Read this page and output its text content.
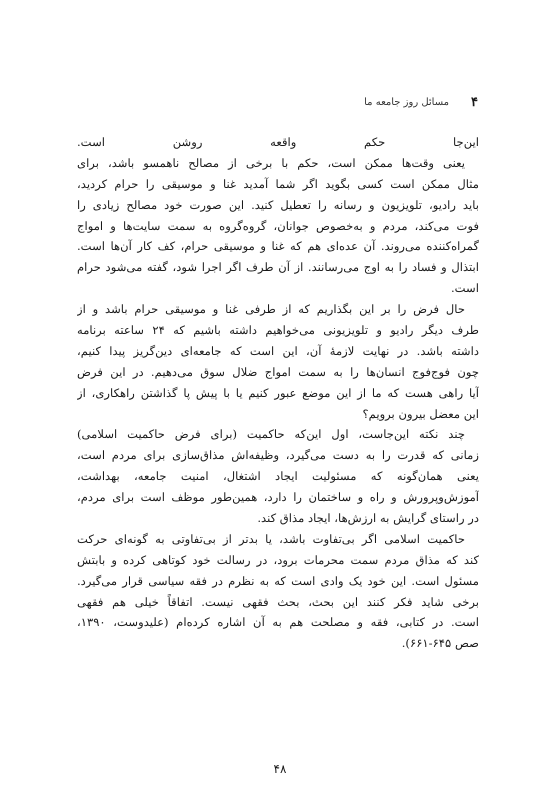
۴
مسائل روز جامعه ما
این‌جا حکم واقعه روشن است.
یعنی وقت‌ها ممکن است، حکم با برخی از مصالح ناهمسو باشد، برای
مثال ممکن است کسی بگوید اگر شما آمدید غنا و موسیقی را حرام کردید،
باید رادیو، تلویزیون و رسانه را تعطیل کنید. این صورت خود مصالح زیادی را
فوت می‌کند، مردم و به‌خصوص جوانان، گروه‌گروه به سمت سایت‌ها و امواج
گمراه‌کننده می‌روند. آن عده‌ای هم که غنا و موسیقی حرام، کف کار آن‌ها است.
ابتذال و فساد را به اوج می‌رسانند. از آن طرف اگر اجرا شود، گفته می‌شود حرام
است.
حال فرض را بر این بگذاریم که از طرفی غنا و موسیقی حرام باشد و از
طرف دیگر رادیو و تلویزیونی می‌خواهیم داشته باشیم که ۲۴ ساعته برنامه
داشته باشد. در نهایت لازمهٔ آن، این است که جامعه‌ای دین‌گریز پیدا کنیم،
چون فوج‌فوج انسان‌ها را به سمت امواج ضلال سوق می‌دهیم. در این فرض
آیا راهی هست که ما از این موضع عبور کنیم یا با پیش پا گذاشتن راهکاری، از
این معضل بیرون برویم؟
چند نکته این‌جاست، اول این‌که حاکمیت (برای فرض حاکمیت اسلامی)
زمانی که قدرت را به دست می‌گیرد، وظیفه‌اش مذاق‌سازی برای مردم است،
یعنی همان‌گونه که مسئولیت ایجاد اشتغال، امنیت جامعه، بهداشت،
آموزش‌وپرورش و راه و ساختمان را دارد، همین‌طور موظف است برای مردم،
در راستای گرایش به ارزش‌ها، ایجاد مذاق کند.
حاکمیت اسلامی اگر بی‌تفاوت باشد، یا بدتر از بی‌تفاوتی به گونه‌ای حرکت
کند که مذاق مردم سمت محرمات برود، در رسالت خود کوتاهی کرده و بابتش
مسئول است. این خود یک وادی است که به نظرم در فقه سیاسی قرار می‌گیرد.
برخی شاید فکر کنند این بحث، بحث فقهی نیست. اتفاقاً خیلی هم فقهی
است. در کتابی، فقه و مصلحت هم به آن اشاره کرده‌ام (علیدوست، ۱۳۹۰،
صص ۶۴۵-۶۶۱).
۴۸
